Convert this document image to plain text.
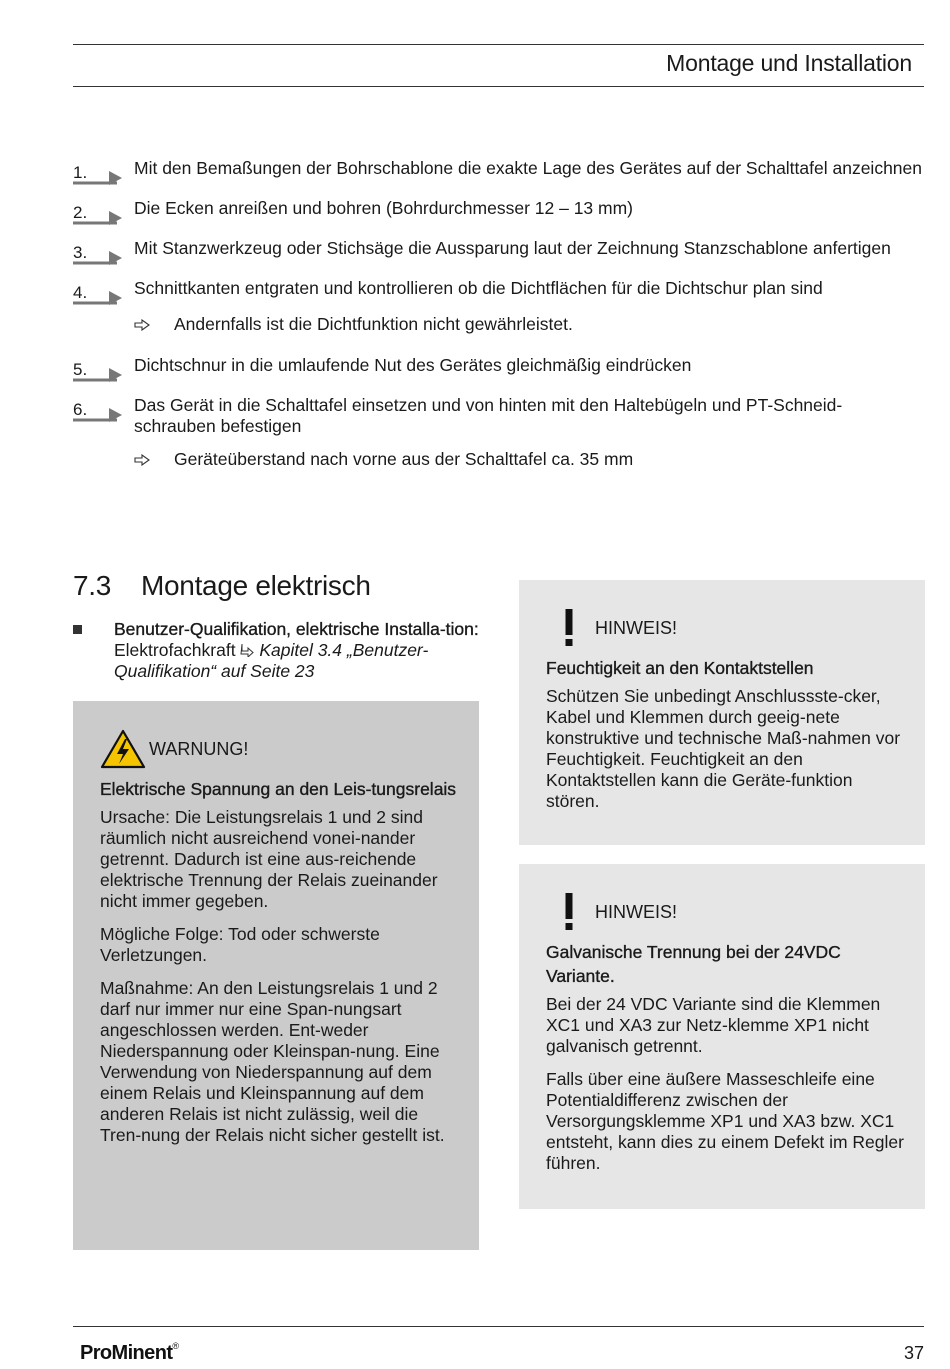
Montage und Installation
1.	Mit den Bemaßungen der Bohrschablone die exakte Lage des Gerätes auf der Schalttafel anzeichnen
2.	Die Ecken anreißen und bohren (Bohrdurchmesser 12 – 13 mm)
3.	Mit Stanzwerkzeug oder Stichsäge die Aussparung laut der Zeichnung Stanzschablone anfertigen
4.	Schnittkanten entgraten und kontrollieren ob die Dichtflächen für die Dichtschur plan sind
Andernfalls ist die Dichtfunktion nicht gewährleistet.
5.	Dichtschnur in die umlaufende Nut des Gerätes gleichmäßig eindrücken
6.	Das Gerät in die Schalttafel einsetzen und von hinten mit den Haltebügeln und PT-Schneid-schrauben befestigen
Geräteüberstand nach vorne aus der Schalttafel ca. 35 mm
7.3 Montage elektrisch
Benutzer-Qualifikation, elektrische Installa-tion: Elektrofachkraft Kapitel 3.4 „Benutzer-Qualifikation“ auf Seite 23
WARNUNG!
Elektrische Spannung an den Leis-tungsrelais

Ursache: Die Leistungsrelais 1 und 2 sind räumlich nicht ausreichend vonei-nander getrennt. Dadurch ist eine aus-reichende elektrische Trennung der Relais zueinander nicht immer gegeben.

Mögliche Folge: Tod oder schwerste Verletzungen.

Maßnahme: An den Leistungsrelais 1 und 2 darf nur immer nur eine Span-nungsart angeschlossen werden. Ent-weder Niederspannung oder Kleinspan-nung. Eine Verwendung von Niederspannung auf dem einem Relais und Kleinspannung auf dem anderen Relais ist nicht zulässig, weil die Tren-nung der Relais nicht sicher gestellt ist.

HINWEIS!
Feuchtigkeit an den Kontaktstellen

Schützen Sie unbedingt Anschlussste-cker, Kabel und Klemmen durch geeig-nete konstruktive und technische Maß-nahmen vor Feuchtigkeit. Feuchtigkeit an den Kontaktstellen kann die Geräte-funktion stören.

HINWEIS!
Galvanische Trennung bei der 24VDC Variante.

Bei der 24 VDC Variante sind die Klemmen XC1 und XA3 zur Netz-klemme XP1 nicht galvanisch getrennt.

Falls über eine äußere Masseschleife eine Potentialdifferenz zwischen der Versorgungsklemme XP1 und XA3 bzw. XC1 entsteht, kann dies zu einem Defekt im Regler führen.

ProMinent®	37
